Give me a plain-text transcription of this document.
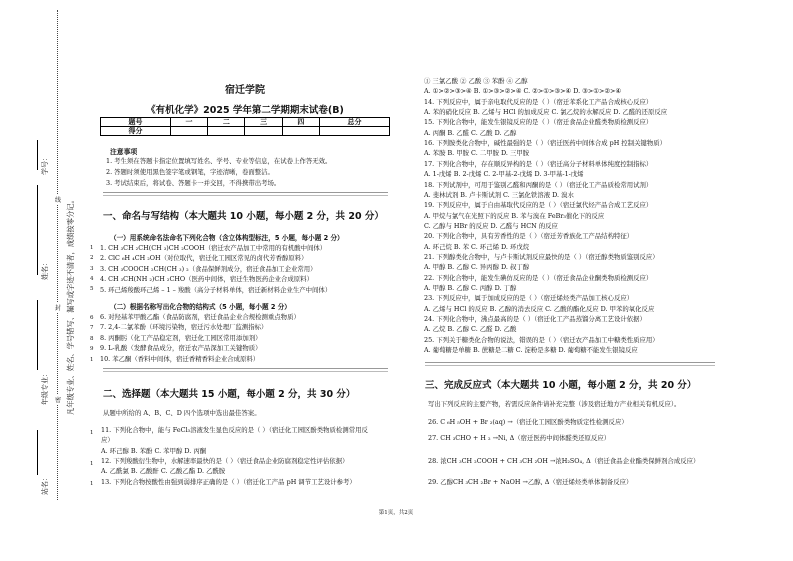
学号：
姓名：
年级专业：
站名：
凡年级专业、姓名、学号错写、漏写或字迹不清者，成绩按零分记。
密
封
线
1
2
3
4
5
6
7
8
9
1
1
1
1
宿迁学院
《有机化学》2025 学年第二学期期末试卷(B)
题号	一	二	三	四	总分
得分					
注意事项
一、命名与写结构（本大题共 10 小题，每小题 2 分，共 20 分）
（一）用系统命名法命名下列化合物（含立体构型标注，5 小题，每小题 2 分）
（二）根据名称写出化合物的结构式（5 小题，每小题 2 分）
二、选择题（本大题共 15 小题，每小题 2 分，共 30 分）
从题中所给的 A、B、C、D 四个选项中选出最佳答案。
三、完成反应式（本大题共 10 小题，每小题 2 分，共 20 分）
写出下列反应的主要产物，若需反应条件请补充完整（涉及宿迁地方产业相关有机反应）。
1. 考生须在答题卡指定位置填写姓名、学号、专业等信息，在试卷上作答无效。
2. 答题时须使用黑色签字笔或钢笔，字迹清晰，卷面整洁。
3. 考试结束后，将试卷、答题卡一并交回，不得携带出考场。
1. CH ₃CH ₂CH(CH ₃)CH ₂COOH（宿迁农产品加工中常用的有机酸中间体）
2. ClC ₆H ₄CH ₂OH（对位取代，宿迁化工园区常见的卤代芳香醇原料）
3. CH ₃COOCH ₂CH(CH ₃) ₂（食品保鲜剂成分，宿迁食品加工企业常用）
4. CH ₃CH(NH ₂)CH ₂CHO（医药中间体，宿迁生物医药企业合成原料）
5. 环己烯羧酸环己烯 – 1 – 羧酸（高分子材料单体，宿迁新材料企业生产中间体）
6. 对羟基苯甲酸乙酯（食品防腐剂，宿迁食品企业合规检测重点物质）
7. 2,4-二氯苯酚（环境污染物，宿迁污水处理厂监测指标）
8. 丙酮肟（化工产品稳定剂，宿迁化工园区常用添加剂）
9. L-乳酸（发酵食品成分，宿迁农产品深加工关键物质）
10. 苯乙酮（香料中间体，宿迁香精香料企业合成原料）
11. 下列化合物中，能与 FeCl₃溶液发生显色反应的是（ ）（宿迁化工园区酚类物质检测常用反
应）
A. 环己醇 B. 苯酚 C. 苯甲醇 D. 丙酮
12. 下列羧酸衍生物中，水解速率最快的是（ ）（宿迁食品企业防腐剂稳定性评估依据）
A. 乙酰氯 B. 乙酸酐 C. 乙酸乙酯 D. 乙酰胺
13. 下列化合物按酸性由强到弱排序正确的是（ ）（宿迁化工产品 pH 调节工艺设计参考）
① 三氯乙酸 ② 乙酸 ③ 苯酚 ④ 乙醇
A. ①>②>③>④ B. ①>③>②>④ C. ②>①>③>④ D. ③>①>②>④
14. 下列反应中，属于亲电取代反应的是（ ）（宿迁苯系化工产品合成核心反应）
A. 苯的硝化反应 B. 乙烯与 HCl 的加成反应 C. 氯乙烷的水解反应 D. 乙醛的还原反应
15. 下列化合物中，能发生银镜反应的是（ ）（宿迁食品企业醛类物质检测反应）
A. 丙酮 B. 乙醛 C. 乙酸 D. 乙醇
16. 下列胺类化合物中，碱性最强的是（ ）（宿迁医药中间体合成 pH 控制关键物质）
A. 苯胺 B. 甲胺 C. 二甲胺 D. 三甲胺
17. 下列化合物中，存在顺反异构的是（ ）（宿迁高分子材料单体纯度控制指标）
A. 1-戊烯 B. 2-戊烯 C. 2-甲基-2-戊烯 D. 3-甲基-1-戊烯
18. 下列试剂中，可用于鉴别乙醛和丙酮的是（ ）（宿迁化工产品质检常用试剂）
A. 斐林试剂 B. 卢卡斯试剂 C. 三氯化铁溶液 D. 溴水
19. 下列反应中，属于自由基取代反应的是（ ）（宿迁氯代烃产品合成工艺反应）
A. 甲烷与氯气在光照下的反应 B. 苯与溴在 FeBr₃催化下的反应
C. 乙醇与 HBr 的反应 D. 乙醛与 HCN 的反应
20. 下列化合物中，具有芳香性的是（ ）（宿迁芳香族化工产品结构特征）
A. 环己烷 B. 苯 C. 环己烯 D. 环戊烷
21. 下列醇类化合物中，与卢卡斯试剂反应最快的是（ ）（宿迁醇类物质鉴别反应）
A. 甲醇 B. 乙醇 C. 异丙醇 D. 叔丁醇
22. 下列化合物中，能发生碘仿反应的是（ ）（宿迁食品企业酮类物质检测反应）
A. 甲醇 B. 乙醇 C. 丙醇 D. 丁醇
23. 下列反应中，属于加成反应的是（ ）（宿迁烯烃类产品加工核心反应）
A. 乙烯与 HCl 的反应 B. 乙醇的消去反应 C. 乙酸的酯化反应 D. 甲苯的氧化反应
24. 下列化合物中，沸点最高的是（ ）（宿迁化工产品蒸馏分离工艺设计依据）
A. 乙烷 B. 乙醇 C. 乙醛 D. 乙酸
25. 下列关于糖类化合物的说法，错误的是（ ）（宿迁农产品加工中糖类性质应用）
A. 葡萄糖是单糖 B. 蔗糖是二糖 C. 淀粉是多糖 D. 葡萄糖不能发生银镜反应
26. C ₆H ₅OH + Br ₂(aq) →（宿迁化工园区酚类物质定性检测反应）
27. CH ₃CHO + H ₂ →Ni, Δ（宿迁医药中间体醛类还原反应）
28. 浓CH ₃CH ₂COOH + CH ₃CH ₂OH →浓H₂SO₄, Δ（宿迁食品企业酯类保鲜剂合成反应）
29. 乙醇CH ₃CH ₂Br + NaOH →乙醇, Δ（宿迁烯烃类单体制备反应）
第1页，共2页
